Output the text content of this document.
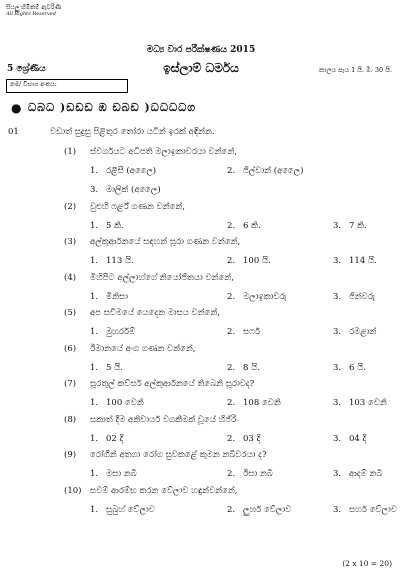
සියලු හිමිකම් ඇවරිණි
All Rights Reserved
මධ්‍ය වාර පරීක්ෂණය 2015
5 ශ්‍රේණිය	ඉස්ලාම් ධර්මය	කාලය පැය 1 යි. මි. 30 යි.
නම/ විභාග අංකය:
● ධබධ )ඩඩඩ ඹ ඩබඩ )ධධධධග
01	වඩාත් සුදුසු පිළිතුර තෝරා යටින් ඉරක් අඳින්න.
(1) ස්වර්ගයට අධිපති මලාඉකාවරයා වන්නේ,
1. රළීසී (අලෛ)	2. ජිල්වාන් (අලෛ)
3. මාලික් (අලෛ)
(2) වුළුහි ෆර්ළ් ගණන වන්නේ,
1. 5 කි.	2. 6 කි.	3. 7 කි.
(3) අල්කුර්ආනයේ සඳහන් සූරා ගණන වන්නේ,
1. 113 යි.	2. 100 යි.	3. 114 යි.
(4) මිහිපිට අල්ලාහ්ගේ නියෝජිතයා වන්නේ,
1. මිනිසා	2. මලාඉකාවරු	3. ජින්වරු
(5) අප සවිමයේ යෙදෙන මාසය වන්නේ,
1. මුහර්රම්	2. සෆර්	3. රමළාන්
(6) ඊමානයේ අංග ගණන වන්නේ,
1. 5 යි.	2. 8 යි.	3. 6 යි.
(7) සූරතුල් කව්සර් අල්කුර්ආනයේ තිබෙනි සූරාවද?
1. 100 වෙනි	2. 108 වෙනි	3. 103 වෙනි
(8) සකාත් දීම අනිවාර්ය වගකීමක් වූයේ හිජ්රි
1. 02 දී	2. 03 දී	3. 04 දී
(9) රෝගීන් අතගා රෝග සුවකළේ කුමන නබිවරයා ද?
1. මසා නබි	2. ඊසා නබි	3. ආදම් නබි
(10) සවම් ආරම්භ කරන වේලාව හඳුන්වන්නේ,
1. සුබුහ් වේලාව	2. ලුහර් වේලාව	3. සහර් වේලාව
(2 x 10 = 20)
